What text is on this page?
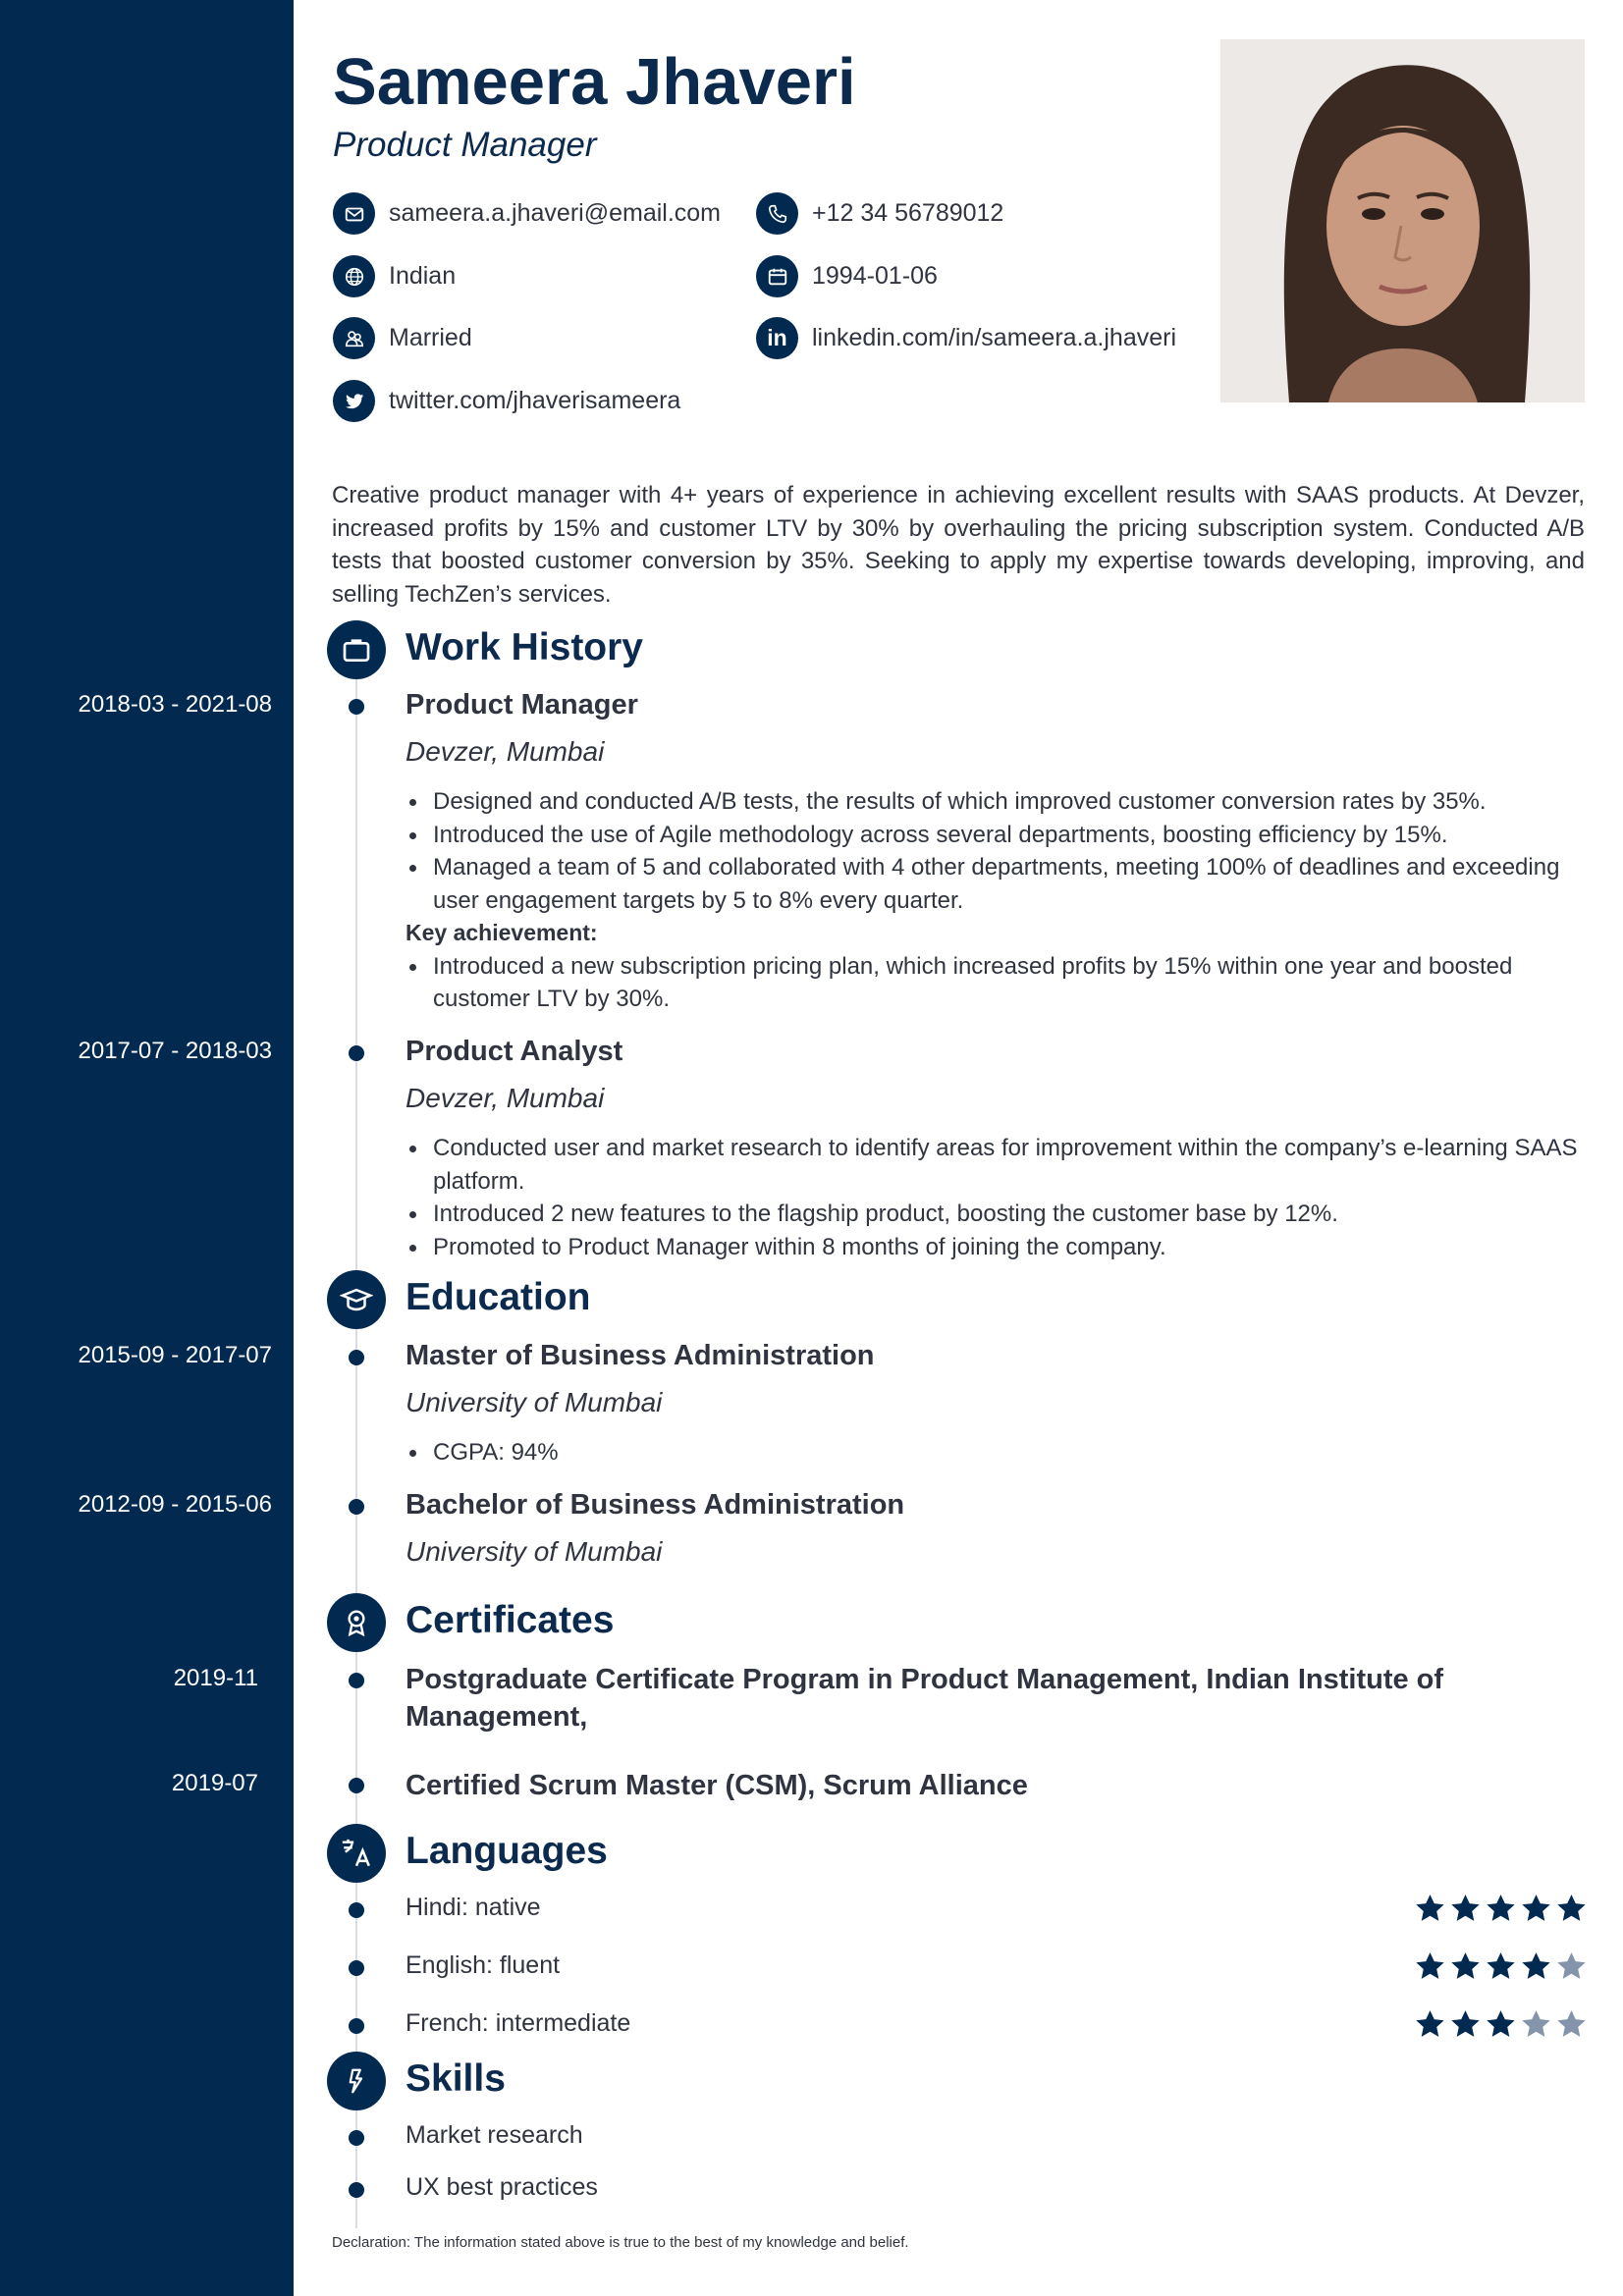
Sameera Jhaveri
Product Manager
sameera.a.jhaveri@email.com	+12 34 56789012
Indian	1994-01-06
Married	in linkedin.com/in/sameera.a.jhaveri
twitter.com/jhaverisameera
Creative product manager with 4+ years of experience in achieving excellent results with SAAS products. At Devzer, increased profits by 15% and customer LTV by 30% by overhauling the pricing subscription system. Conducted A/B tests that boosted customer conversion by 35%. Seeking to apply my expertise towards developing, improving, and selling TechZen’s services.
Work History
2018-03 - 2021-08	Product Manager
Devzer, Mumbai
Designed and conducted A/B tests, the results of which improved customer conversion rates by 35%.
Introduced the use of Agile methodology across several departments, boosting efficiency by 15%.
Managed a team of 5 and collaborated with 4 other departments, meeting 100% of deadlines and exceeding user engagement targets by 5 to 8% every quarter.
Key achievement:
Introduced a new subscription pricing plan, which increased profits by 15% within one year and boosted customer LTV by 30%.
2017-07 - 2018-03	Product Analyst
Devzer, Mumbai
Conducted user and market research to identify areas for improvement within the company’s e-learning SAAS platform.
Introduced 2 new features to the flagship product, boosting the customer base by 12%.
Promoted to Product Manager within 8 months of joining the company.
Education
2015-09 - 2017-07	Master of Business Administration
University of Mumbai
CGPA: 94%
2012-09 - 2015-06	Bachelor of Business Administration
University of Mumbai
Certificates
2019-11	Postgraduate Certificate Program in Product Management, Indian Institute of Management,
2019-07	Certified Scrum Master (CSM), Scrum Alliance
Languages
Hindi: native
English: fluent
French: intermediate
Skills
Market research
UX best practices
Declaration: The information stated above is true to the best of my knowledge and belief.
